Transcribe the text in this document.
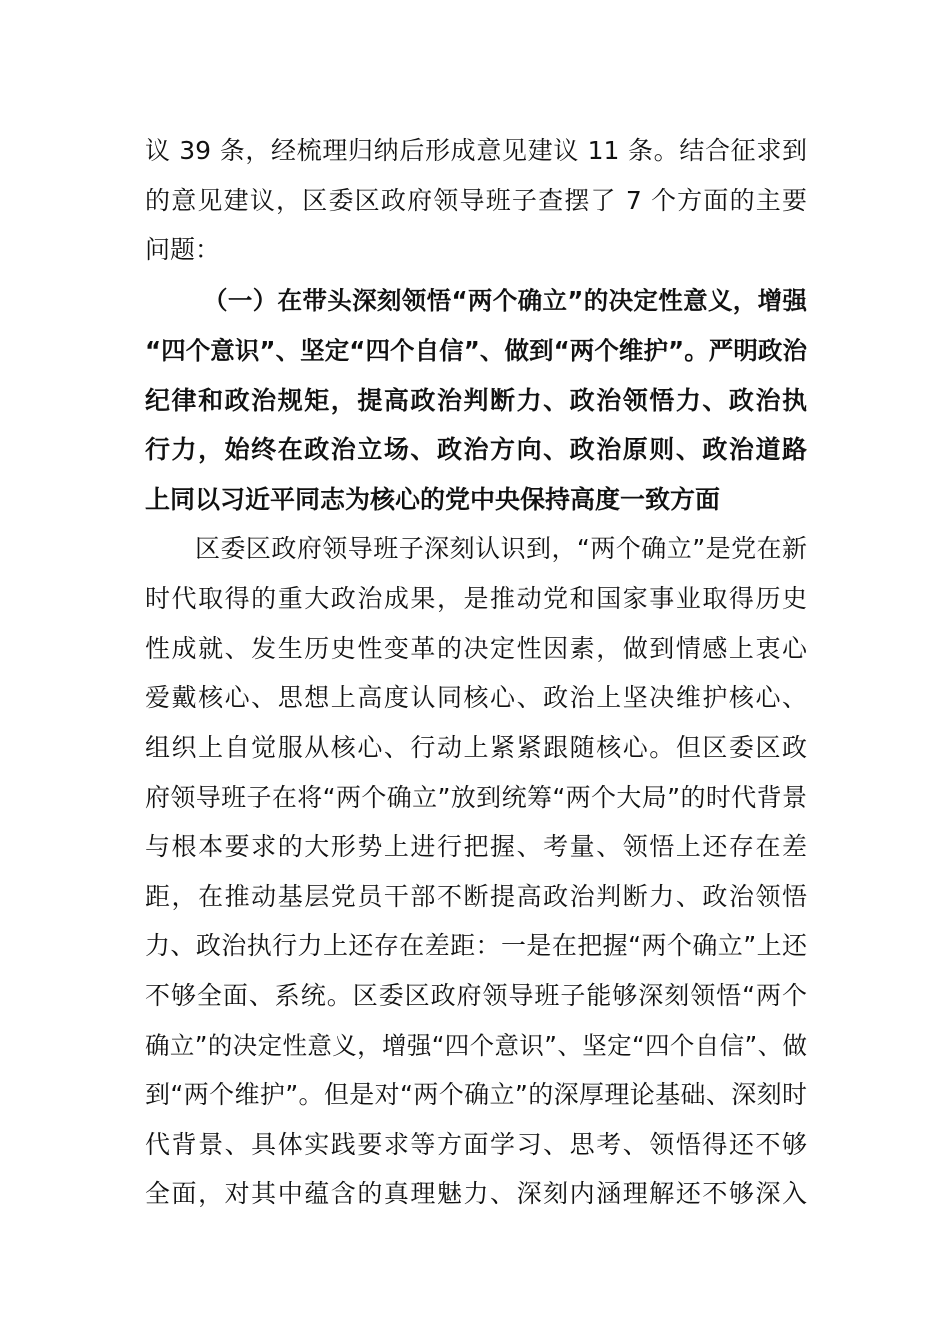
议 39 条，经梳理归纳后形成意见建议 11 条。结合征求到
的意见建议，区委区政府领导班子查摆了 7 个方面的主要
问题：
（一）在带头深刻领悟“两个确立”的决定性意义，增强
“四个意识”、坚定“四个自信”、做到“两个维护”。严明政治
纪律和政治规矩，提高政治判断力、政治领悟力、政治执
行力，始终在政治立场、政治方向、政治原则、政治道路
上同以习近平同志为核心的党中央保持高度一致方面
区委区政府领导班子深刻认识到，“两个确立”是党在新
时代取得的重大政治成果，是推动党和国家事业取得历史
性成就、发生历史性变革的决定性因素，做到情感上衷心
爱戴核心、思想上高度认同核心、政治上坚决维护核心、
组织上自觉服从核心、行动上紧紧跟随核心。但区委区政
府领导班子在将“两个确立”放到统筹“两个大局”的时代背景
与根本要求的大形势上进行把握、考量、领悟上还存在差
距，在推动基层党员干部不断提高政治判断力、政治领悟
力、政治执行力上还存在差距：一是在把握“两个确立”上还
不够全面、系统。区委区政府领导班子能够深刻领悟“两个
确立”的决定性意义，增强“四个意识”、坚定“四个自信”、做
到“两个维护”。但是对“两个确立”的深厚理论基础、深刻时
代背景、具体实践要求等方面学习、思考、领悟得还不够
全面，对其中蕴含的真理魅力、深刻内涵理解还不够深入
